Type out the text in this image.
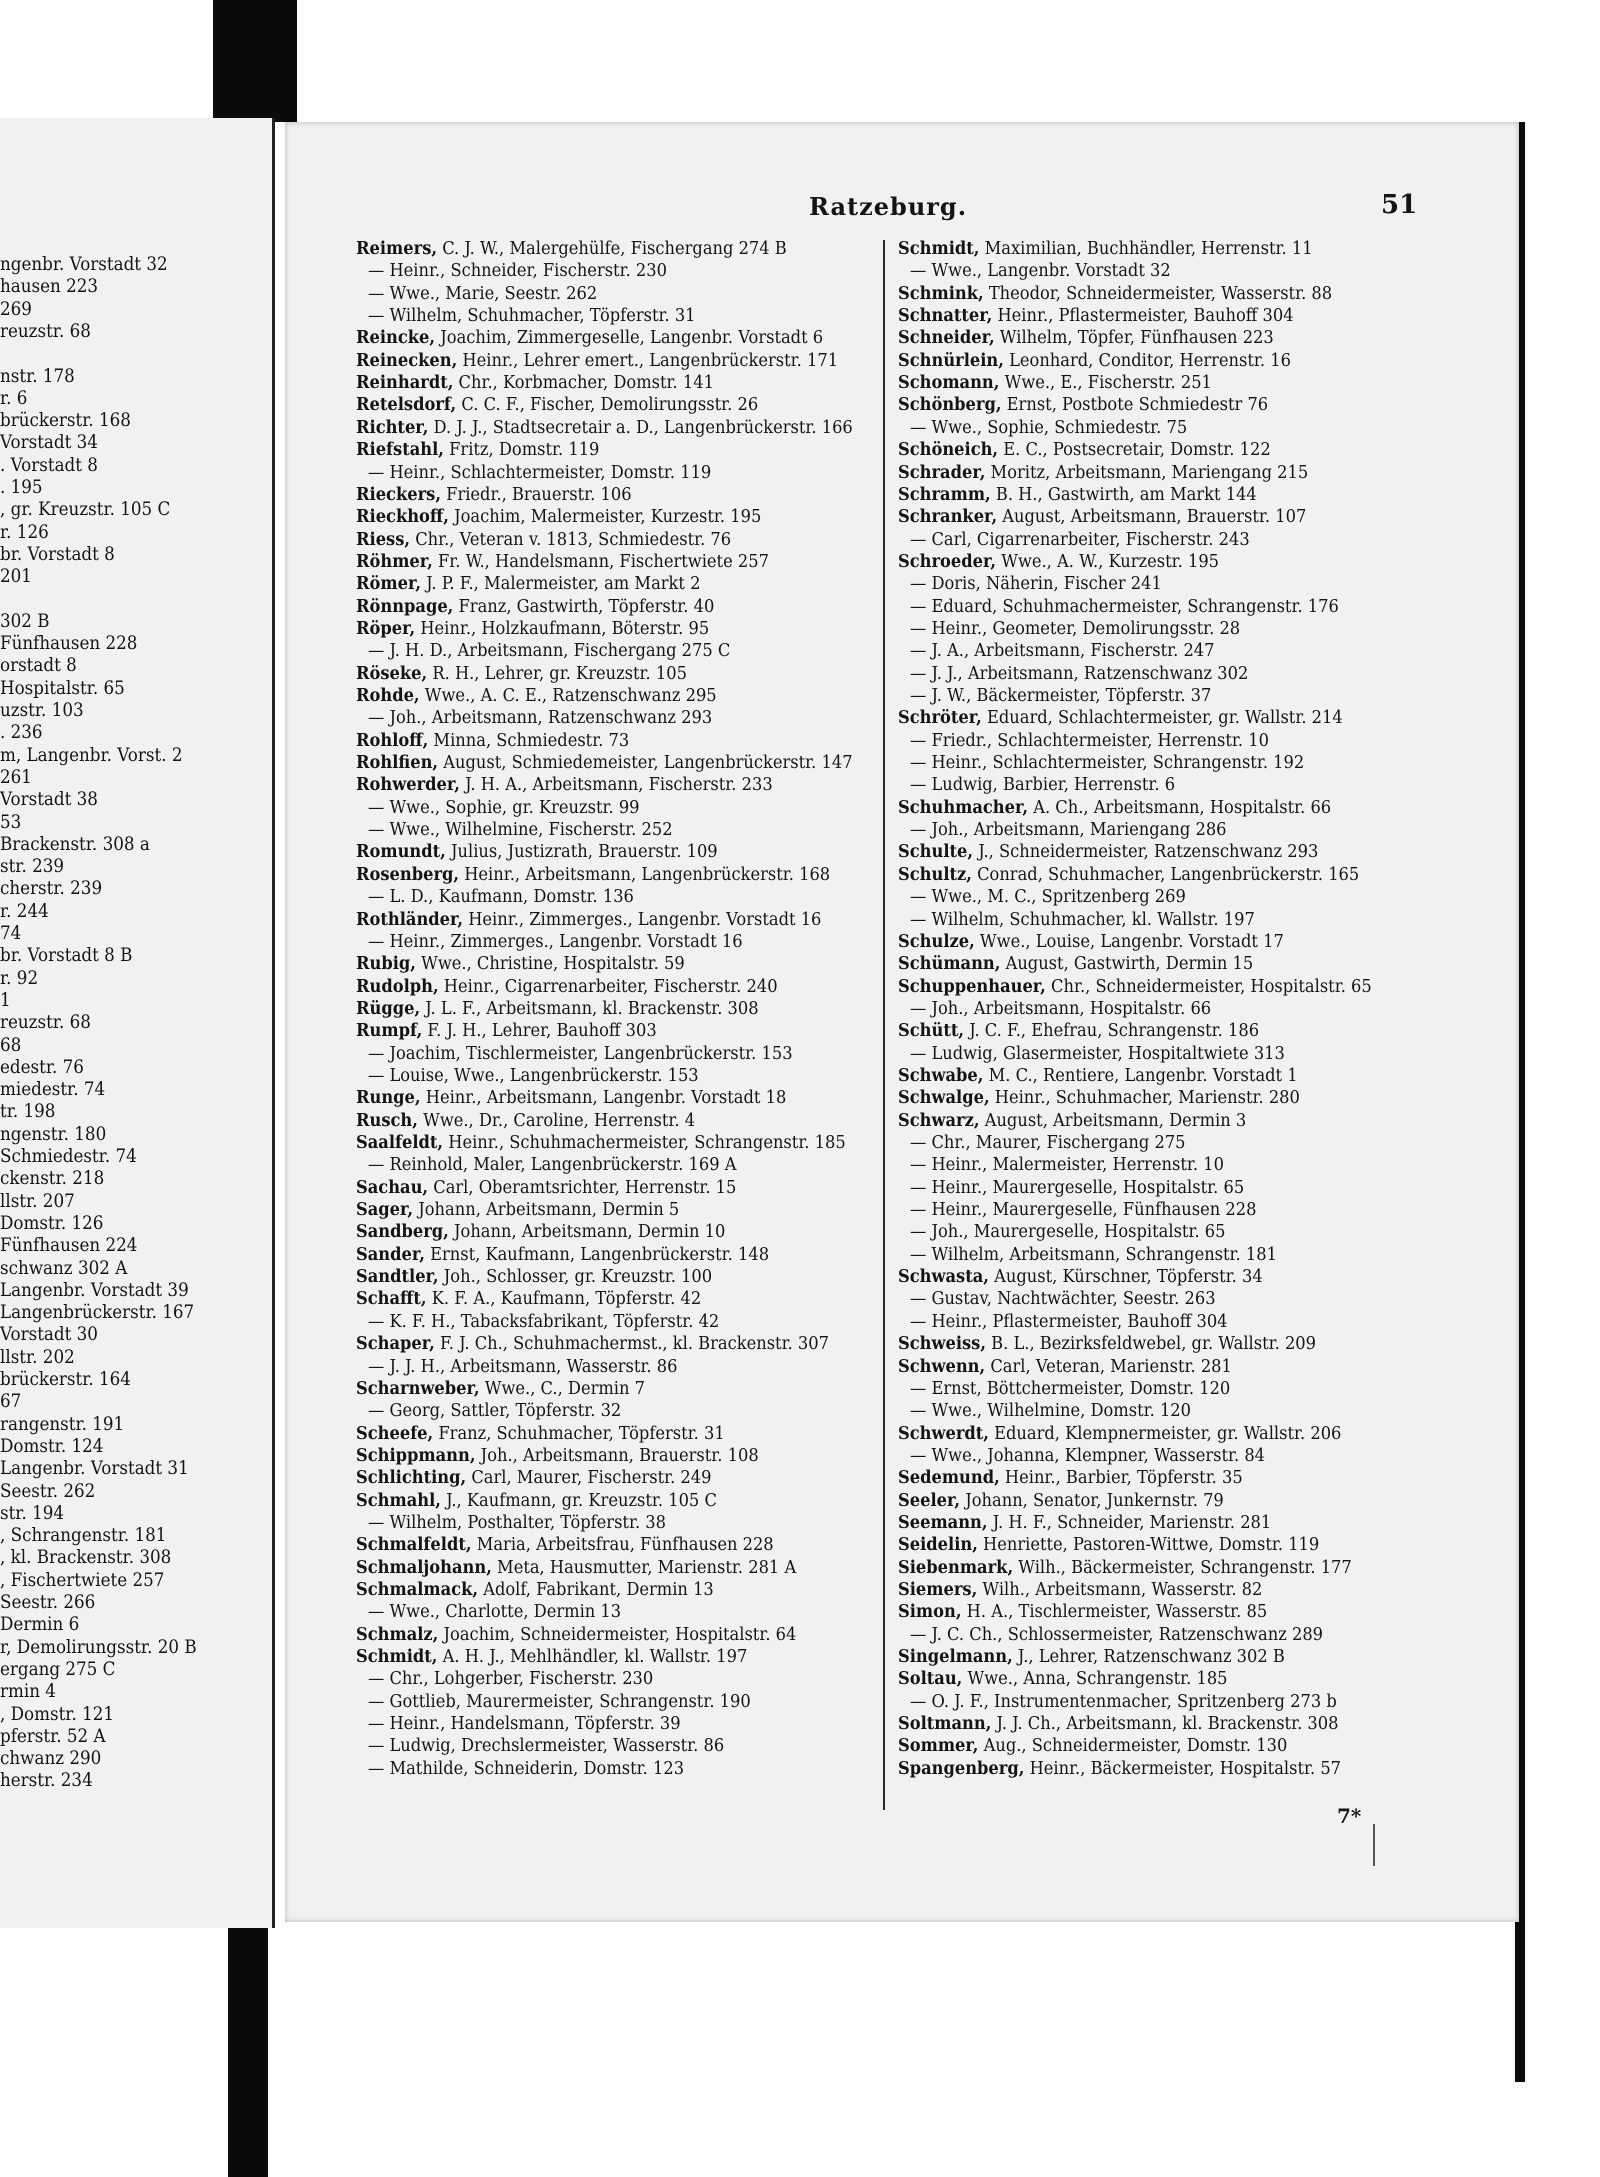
ngenbr. Vorstadt 32
hausen 223
269
reuzstr. 68
nstr. 178
r. 6
brückerstr. 168
Vorstadt 34
. Vorstadt 8
. 195
, gr. Kreuzstr. 105 C
r. 126
br. Vorstadt 8
201
302 B
Fünfhausen 228
orstadt 8
Hospitalstr. 65
uzstr. 103
. 236
m, Langenbr. Vorst. 2
261
Vorstadt 38
53
Brackenstr. 308 a
str. 239
cherstr. 239
r. 244
74
br. Vorstadt 8 B
r. 92
1
reuzstr. 68
68
edestr. 76
miedestr. 74
tr. 198
ngenstr. 180
Schmiedestr. 74
ckenstr. 218
llstr. 207
Domstr. 126
Fünfhausen 224
schwanz 302 A
Langenbr. Vorstadt 39
Langenbrückerstr. 167
Vorstadt 30
llstr. 202
brückerstr. 164
67
rangenstr. 191
Domstr. 124
Langenbr. Vorstadt 31
Seestr. 262
str. 194
, Schrangenstr. 181
, kl. Brackenstr. 308
, Fischertwiete 257
Seestr. 266
Dermin 6
r, Demolirungsstr. 20 B
ergang 275 C
rmin 4
, Domstr. 121
pferstr. 52 A
chwanz 290
herstr. 234
Ratzeburg.	51
Reimers, C. J. W., Malergehülfe, Fischergang 274 B
— Heinr., Schneider, Fischerstr. 230
— Wwe., Marie, Seestr. 262
— Wilhelm, Schuhmacher, Töpferstr. 31
Reincke, Joachim, Zimmergeselle, Langenbr. Vorstadt 6
Reinecken, Heinr., Lehrer emert., Langenbrückerstr. 171
Reinhardt, Chr., Korbmacher, Domstr. 141
Retelsdorf, C. C. F., Fischer, Demolirungsstr. 26
Richter, D. J. J., Stadtsecretair a. D., Langenbrückerstr. 166
Riefstahl, Fritz, Domstr. 119
— Heinr., Schlachtermeister, Domstr. 119
Rieckers, Friedr., Brauerstr. 106
Rieckhoff, Joachim, Malermeister, Kurzestr. 195
Riess, Chr., Veteran v. 1813, Schmiedestr. 76
Röhmer, Fr. W., Handelsmann, Fischertwiete 257
Römer, J. P. F., Malermeister, am Markt 2
Rönnpage, Franz, Gastwirth, Töpferstr. 40
Röper, Heinr., Holzkaufmann, Böterstr. 95
— J. H. D., Arbeitsmann, Fischergang 275 C
Röseke, R. H., Lehrer, gr. Kreuzstr. 105
Rohde, Wwe., A. C. E., Ratzenschwanz 295
— Joh., Arbeitsmann, Ratzenschwanz 293
Rohloff, Minna, Schmiedestr. 73
Rohlfien, August, Schmiedemeister, Langenbrückerstr. 147
Rohwerder, J. H. A., Arbeitsmann, Fischerstr. 233
— Wwe., Sophie, gr. Kreuzstr. 99
— Wwe., Wilhelmine, Fischerstr. 252
Romundt, Julius, Justizrath, Brauerstr. 109
Rosenberg, Heinr., Arbeitsmann, Langenbrückerstr. 168
— L. D., Kaufmann, Domstr. 136
Rothländer, Heinr., Zimmerges., Langenbr. Vorstadt 16
— Heinr., Zimmerges., Langenbr. Vorstadt 16
Rubig, Wwe., Christine, Hospitalstr. 59
Rudolph, Heinr., Cigarrenarbeiter, Fischerstr. 240
Rügge, J. L. F., Arbeitsmann, kl. Brackenstr. 308
Rumpf, F. J. H., Lehrer, Bauhoff 303
— Joachim, Tischlermeister, Langenbrückerstr. 153
— Louise, Wwe., Langenbrückerstr. 153
Runge, Heinr., Arbeitsmann, Langenbr. Vorstadt 18
Rusch, Wwe., Dr., Caroline, Herrenstr. 4
Saalfeldt, Heinr., Schuhmachermeister, Schrangenstr. 185
— Reinhold, Maler, Langenbrückerstr. 169 A
Sachau, Carl, Oberamtsrichter, Herrenstr. 15
Sager, Johann, Arbeitsmann, Dermin 5
Sandberg, Johann, Arbeitsmann, Dermin 10
Sander, Ernst, Kaufmann, Langenbrückerstr. 148
Sandtler, Joh., Schlosser, gr. Kreuzstr. 100
Schafft, K. F. A., Kaufmann, Töpferstr. 42
— K. F. H., Tabacksfabrikant, Töpferstr. 42
Schaper, F. J. Ch., Schuhmachermst., kl. Brackenstr. 307
— J. J. H., Arbeitsmann, Wasserstr. 86
Scharnweber, Wwe., C., Dermin 7
— Georg, Sattler, Töpferstr. 32
Scheefe, Franz, Schuhmacher, Töpferstr. 31
Schippmann, Joh., Arbeitsmann, Brauerstr. 108
Schlichting, Carl, Maurer, Fischerstr. 249
Schmahl, J., Kaufmann, gr. Kreuzstr. 105 C
— Wilhelm, Posthalter, Töpferstr. 38
Schmalfeldt, Maria, Arbeitsfrau, Fünfhausen 228
Schmaljohann, Meta, Hausmutter, Marienstr. 281 A
Schmalmack, Adolf, Fabrikant, Dermin 13
— Wwe., Charlotte, Dermin 13
Schmalz, Joachim, Schneidermeister, Hospitalstr. 64
Schmidt, A. H. J., Mehlhändler, kl. Wallstr. 197
— Chr., Lohgerber, Fischerstr. 230
— Gottlieb, Maurermeister, Schrangenstr. 190
— Heinr., Handelsmann, Töpferstr. 39
— Ludwig, Drechslermeister, Wasserstr. 86
— Mathilde, Schneiderin, Domstr. 123
Schmidt, Maximilian, Buchhändler, Herrenstr. 11
— Wwe., Langenbr. Vorstadt 32
Schmink, Theodor, Schneidermeister, Wasserstr. 88
Schnatter, Heinr., Pflastermeister, Bauhoff 304
Schneider, Wilhelm, Töpfer, Fünfhausen 223
Schnürlein, Leonhard, Conditor, Herrenstr. 16
Schomann, Wwe., E., Fischerstr. 251
Schönberg, Ernst, Postbote Schmiedestr 76
— Wwe., Sophie, Schmiedestr. 75
Schöneich, E. C., Postsecretair, Domstr. 122
Schrader, Moritz, Arbeitsmann, Mariengang 215
Schramm, B. H., Gastwirth, am Markt 144
Schranker, August, Arbeitsmann, Brauerstr. 107
— Carl, Cigarrenarbeiter, Fischerstr. 243
Schroeder, Wwe., A. W., Kurzestr. 195
— Doris, Näherin, Fischer 241
— Eduard, Schuhmachermeister, Schrangenstr. 176
— Heinr., Geometer, Demolirungsstr. 28
— J. A., Arbeitsmann, Fischerstr. 247
— J. J., Arbeitsmann, Ratzenschwanz 302
— J. W., Bäckermeister, Töpferstr. 37
Schröter, Eduard, Schlachtermeister, gr. Wallstr. 214
— Friedr., Schlachtermeister, Herrenstr. 10
— Heinr., Schlachtermeister, Schrangenstr. 192
— Ludwig, Barbier, Herrenstr. 6
Schuhmacher, A. Ch., Arbeitsmann, Hospitalstr. 66
— Joh., Arbeitsmann, Mariengang 286
Schulte, J., Schneidermeister, Ratzenschwanz 293
Schultz, Conrad, Schuhmacher, Langenbrückerstr. 165
— Wwe., M. C., Spritzenberg 269
— Wilhelm, Schuhmacher, kl. Wallstr. 197
Schulze, Wwe., Louise, Langenbr. Vorstadt 17
Schümann, August, Gastwirth, Dermin 15
Schuppenhauer, Chr., Schneidermeister, Hospitalstr. 65
— Joh., Arbeitsmann, Hospitalstr. 66
Schütt, J. C. F., Ehefrau, Schrangenstr. 186
— Ludwig, Glasermeister, Hospitaltwiete 313
Schwabe, M. C., Rentiere, Langenbr. Vorstadt 1
Schwalge, Heinr., Schuhmacher, Marienstr. 280
Schwarz, August, Arbeitsmann, Dermin 3
— Chr., Maurer, Fischergang 275
— Heinr., Malermeister, Herrenstr. 10
— Heinr., Maurergeselle, Hospitalstr. 65
— Heinr., Maurergeselle, Fünfhausen 228
— Joh., Maurergeselle, Hospitalstr. 65
— Wilhelm, Arbeitsmann, Schrangenstr. 181
Schwasta, August, Kürschner, Töpferstr. 34
— Gustav, Nachtwächter, Seestr. 263
— Heinr., Pflastermeister, Bauhoff 304
Schweiss, B. L., Bezirksfeldwebel, gr. Wallstr. 209
Schwenn, Carl, Veteran, Marienstr. 281
— Ernst, Böttchermeister, Domstr. 120
— Wwe., Wilhelmine, Domstr. 120
Schwerdt, Eduard, Klempnermeister, gr. Wallstr. 206
— Wwe., Johanna, Klempner, Wasserstr. 84
Sedemund, Heinr., Barbier, Töpferstr. 35
Seeler, Johann, Senator, Junkernstr. 79
Seemann, J. H. F., Schneider, Marienstr. 281
Seidelin, Henriette, Pastoren-Wittwe, Domstr. 119
Siebenmark, Wilh., Bäckermeister, Schrangenstr. 177
Siemers, Wilh., Arbeitsmann, Wasserstr. 82
Simon, H. A., Tischlermeister, Wasserstr. 85
— J. C. Ch., Schlossermeister, Ratzenschwanz 289
Singelmann, J., Lehrer, Ratzenschwanz 302 B
Soltau, Wwe., Anna, Schrangenstr. 185
— O. J. F., Instrumentenmacher, Spritzenberg 273 b
Soltmann, J. J. Ch., Arbeitsmann, kl. Brackenstr. 308
Sommer, Aug., Schneidermeister, Domstr. 130
Spangenberg, Heinr., Bäckermeister, Hospitalstr. 57
7*
